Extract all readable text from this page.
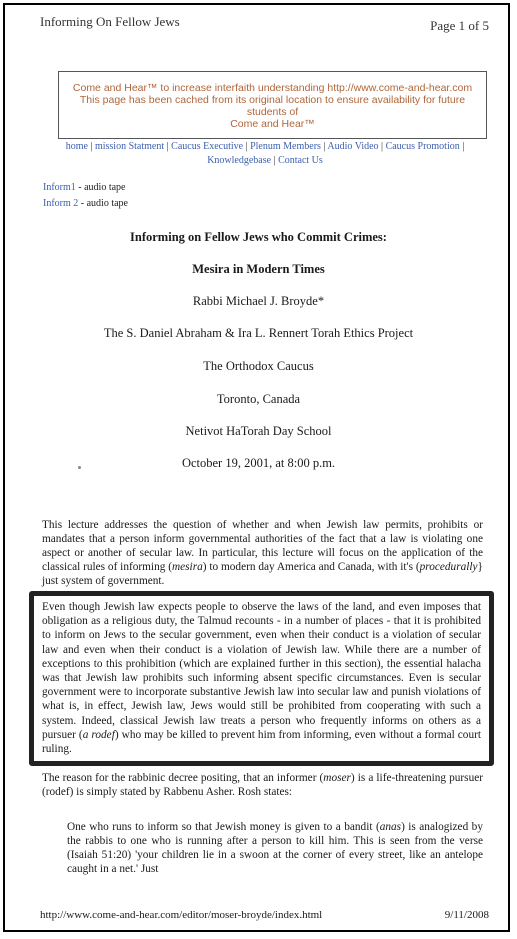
Informing On Fellow Jews	Page 1 of 5
Come and Hear™ to increase interfaith understanding http://www.come-and-hear.com
This page has been cached from its original location to ensure availability for future students of
Come and Hear™
home | mission Statment | Caucus Executive | Plenum Members | Audio Video | Caucus Promotion | Knowledgebase | Contact Us
Inform1 - audio tape
Inform 2 - audio tape
Informing on Fellow Jews who Commit Crimes:
Mesira in Modern Times
Rabbi Michael J. Broyde*
The S. Daniel Abraham & Ira L. Rennert Torah Ethics Project
The Orthodox Caucus
Toronto, Canada
Netivot HaTorah Day School
October 19, 2001, at 8:00 p.m.
This lecture addresses the question of whether and when Jewish law permits, prohibits or mandates that a person inform governmental authorities of the fact that a law is violating one aspect or another of secular law. In particular, this lecture will focus on the application of the classical rules of informing (mesira) to modern day America and Canada, with it's (procedurally} just system of government.
Even though Jewish law expects people to observe the laws of the land, and even imposes that obligation as a religious duty, the Talmud recounts - in a number of places - that it is prohibited to inform on Jews to the secular government, even when their conduct is a violation of secular law and even when their conduct is a violation of Jewish law. While there are a number of exceptions to this prohibition (which are explained further in this section), the essential halacha was that Jewish law prohibits such informing absent specific circumstances. Even is secular government were to incorporate substantive Jewish law into secular law and punish violations of what is, in effect, Jewish law, Jews would still be prohibited from cooperating with such a system. Indeed, classical Jewish law treats a person who frequently informs on others as a pursuer (a rodef) who may be killed to prevent him from informing, even without a formal court ruling.
The reason for the rabbinic decree positing, that an informer (moser) is a life-threatening pursuer (rodef) is simply stated by Rabbenu Asher. Rosh states:
One who runs to inform so that Jewish money is given to a bandit (anas) is analogized by the rabbis to one who is running after a person to kill him. This is seen from the verse (Isaiah 51:20) 'your children lie in a swoon at the corner of every street, like an antelope caught in a net.' Just
http://www.come-and-hear.com/editor/moser-broyde/index.html	9/11/2008
